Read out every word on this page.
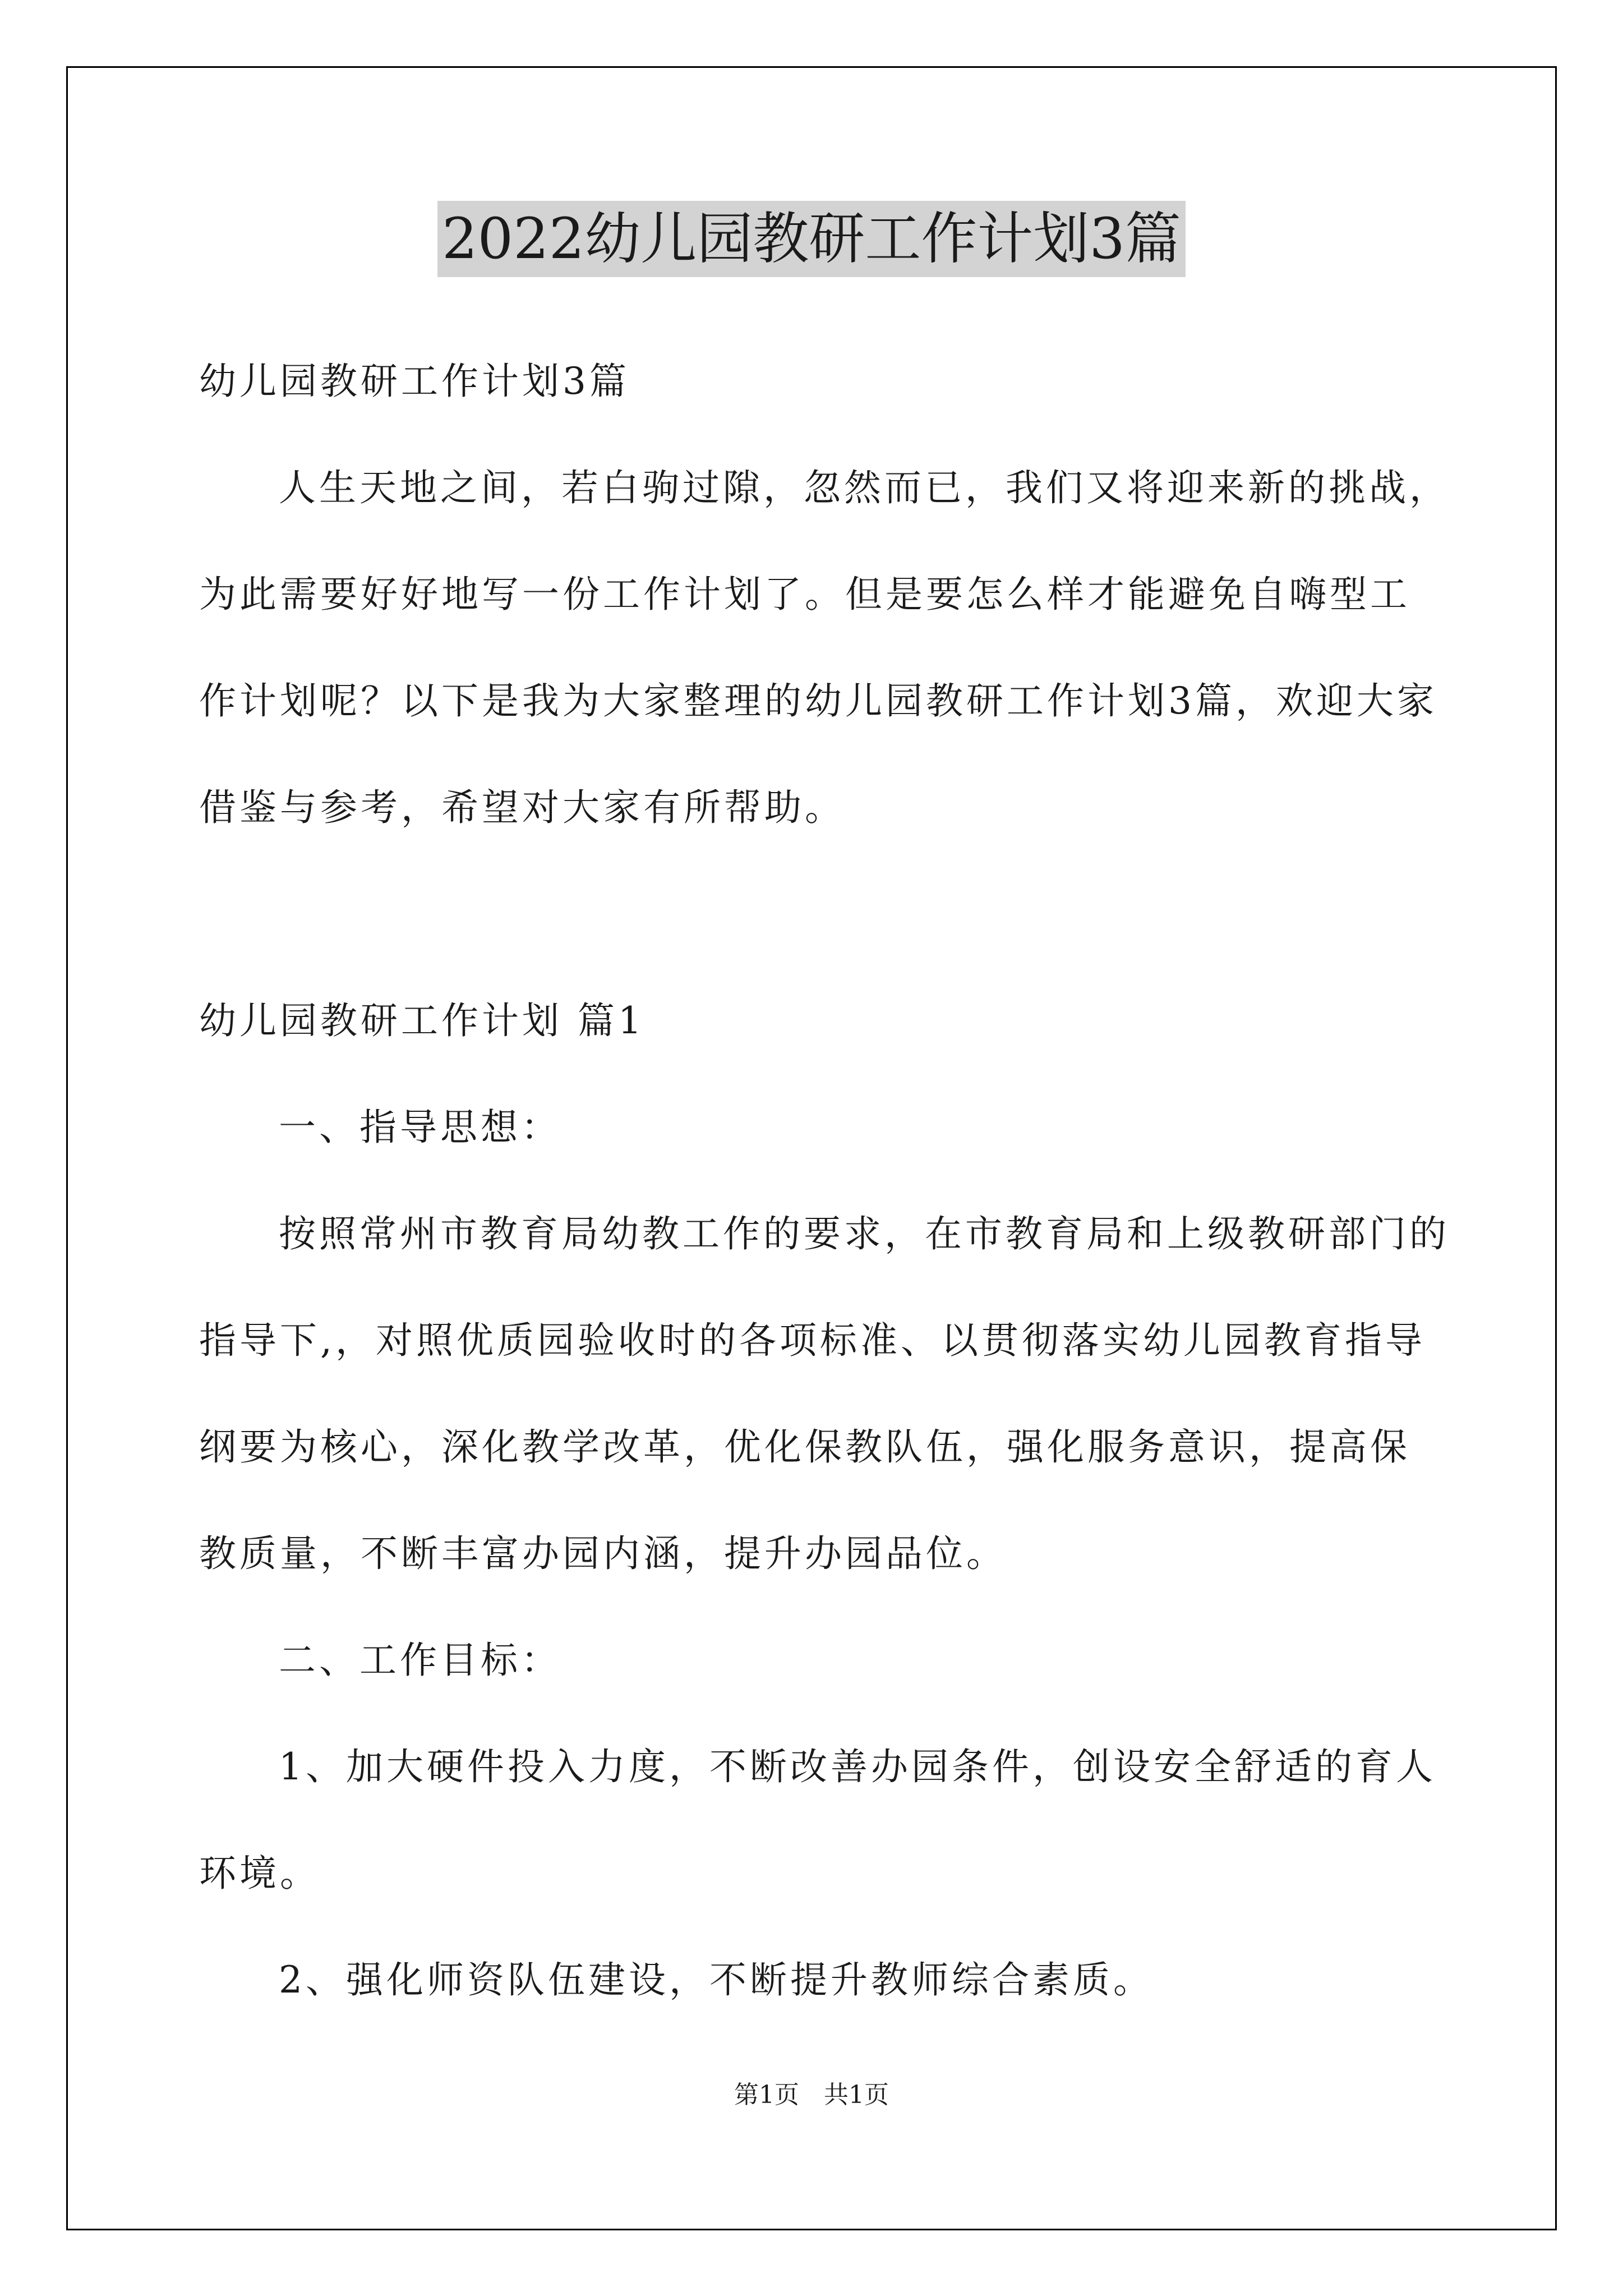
2022幼儿园教研工作计划3篇

幼儿园教研工作计划3篇

人生天地之间，若白驹过隙，忽然而已，我们又将迎来新的挑战，为此需要好好地写一份工作计划了。但是要怎么样才能避免自嗨型工作计划呢？以下是我为大家整理的幼儿园教研工作计划3篇，欢迎大家借鉴与参考，希望对大家有所帮助。

幼儿园教研工作计划 篇1

一、指导思想：

按照常州市教育局幼教工作的要求，在市教育局和上级教研部门的指导下,，对照优质园验收时的各项标准、以贯彻落实幼儿园教育指导纲要为核心，深化教学改革，优化保教队伍，强化服务意识，提高保教质量，不断丰富办园内涵，提升办园品位。

二、工作目标：

1、加大硬件投入力度，不断改善办园条件，创设安全舒适的育人环境。

2、强化师资队伍建设，不断提升教师综合素质。

第1页　共1页
